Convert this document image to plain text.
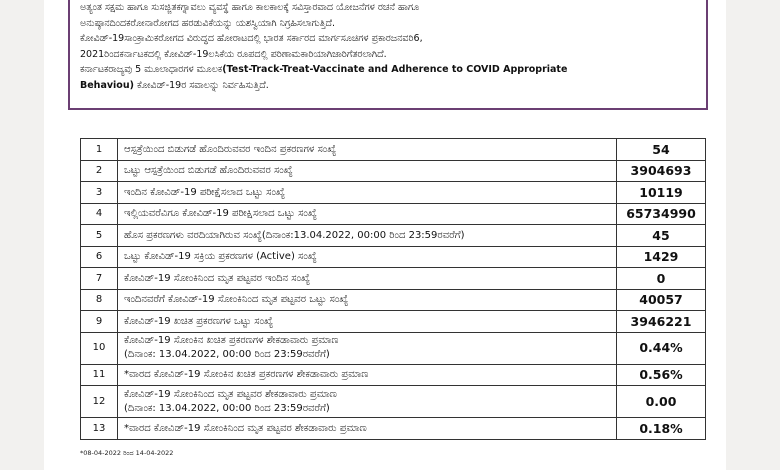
ಅತ್ಯಂತ ಸಕ್ಷಮ ಹಾಗೂ ಸುಸಜ್ಜಿತಕಗ್ನಾವಲು ವ್ಯವಸ್ಥೆ ಹಾಗೂ ಕಾಲಕಾಲಕ್ಕೆ ಸವಿಸ್ತಾರವಾದ ಯೋಜನೆಗಳ ರಚನೆ ಹಾಗೂ

ಅನುಷ್ಠಾನದಿಂದಕರೋನಾರೋಗದ ಹರಡುವಿಕೆಯನ್ನು ಯಶಸ್ವಿಯಾಗಿ ನಿಗ್ರಹಿಸಲಾಗುತ್ತಿದೆ.

ಕೋವಿಡ್-19ಸಾಂಕ್ರಾಮಿಕರೋಗದ ವಿರುದ್ಧದ ಹೋರಾಟದಲ್ಲಿ ಭಾರತ ಸರ್ಕಾರದ ಮಾರ್ಗಸೂಚಿಗಳ ಪ್ರಕಾರಜನವರಿ6,

2021ರಿಂದಕರ್ನಾಟಕದಲ್ಲಿ ಕೋವಿಡ್-19ಲಸಿಕೆಯ ರೂಪದಲ್ಲಿ ಪರಿಣಾಮಕಾರಿಯಾಗಿಜಾರಿಗೆತರಲಾಗಿದೆ.

ಕರ್ನಾಟಕರಾಜ್ಯವು 5 ಮೂಲಾಧಾರಗಳ ಮೂಲಕ(Test-Track-Treat-Vaccinate and Adherence to COVID Appropriate

Behaviou) ಕೋವಿಡ್-19ರ ಸವಾಲನ್ನು ನಿರ್ವಹಿಸುತ್ತಿದೆ.

1	ಆಸ್ಪತ್ರೆಯಿಂದ ಬಿಡುಗಡೆ ಹೊಂದಿರುವವರ ಇಂದಿನ ಪ್ರಕರಣಗಳ ಸಂಖ್ಯೆ	54
2	ಒಟ್ಟು ಆಸ್ಪತ್ರೆಯಿಂದ ಬಿಡುಗಡೆ ಹೊಂದಿರುವವರ ಸಂಖ್ಯೆ	3904693
3	ಇಂದಿನ ಕೋವಿಡ್-19 ಪರೀಕ್ಷೆಸಲಾದ ಒಟ್ಟು ಸಂಖ್ಯೆ	10119
4	ಇಲ್ಲಿಯವರೆವಿಗೂ ಕೋವಿಡ್-19 ಪರೀಕ್ಷಿಸಲಾದ ಒಟ್ಟು ಸಂಖ್ಯೆ	65734990
5	ಹೊಸ ಪ್ರಕರಣಗಳು ವರದಿಯಾಗಿರುವ ಸಂಖ್ಯೆ(ದಿನಾಂಕ:13.04.2022, 00:00 ರಿಂದ 23:59ರವರೆಗೆ)	45
6	ಒಟ್ಟು ಕೋವಿಡ್-19 ಸಕ್ರಿಯ ಪ್ರಕರಣಗಳ (Active) ಸಂಖ್ಯೆ	1429
7	ಕೋವಿಡ್-19 ಸೋಂಕಿನಿಂದ ಮೃತ ಪಟ್ಟವರ ಇಂದಿನ ಸಂಖ್ಯೆ	0
8	ಇಂದಿನವರೆಗೆ ಕೋವಿಡ್-19 ಸೋಂಕಿನಿಂದ ಮೃತ ಪಟ್ಟವರ ಒಟ್ಟು ಸಂಖ್ಯೆ	40057
9	ಕೋವಿಡ್-19 ಖಚಿತ ಪ್ರಕರಣಗಳ ಒಟ್ಟು ಸಂಖ್ಯೆ	3946221
10	ಕೋವಿಡ್-19 ಸೋಂಕಿನ ಖಚಿತ ಪ್ರಕರಣಗಳ ಶೇಕಡಾವಾರು ಪ್ರಮಾಣ
(ದಿನಾಂಕ: 13.04.2022, 00:00 ರಿಂದ 23:59ರವರೆಗೆ)	0.44%
11	*ವಾರದ ಕೋವಿಡ್-19 ಸೋಂಕಿನ ಖಚಿತ ಪ್ರಕರಣಗಳ ಶೇಕಡಾವಾರು ಪ್ರಮಾಣ	0.56%
12	ಕೋವಿಡ್-19 ಸೋಂಕಿನಿಂದ ಮೃತ ಪಟ್ಟವರ ಶೇಕಡಾವಾರು ಪ್ರಮಾಣ
(ದಿನಾಂಕ: 13.04.2022, 00:00 ರಿಂದ 23:59ರವರೆಗೆ)	0.00
13	*ವಾರದ ಕೋವಿಡ್-19 ಸೋಂಕಿನಿಂದ ಮೃತ ಪಟ್ಟವರ ಶೇಕಡಾವಾರು ಪ್ರಮಾಣ	0.18%
*08-04-2022 ರಿಂದ 14-04-2022
